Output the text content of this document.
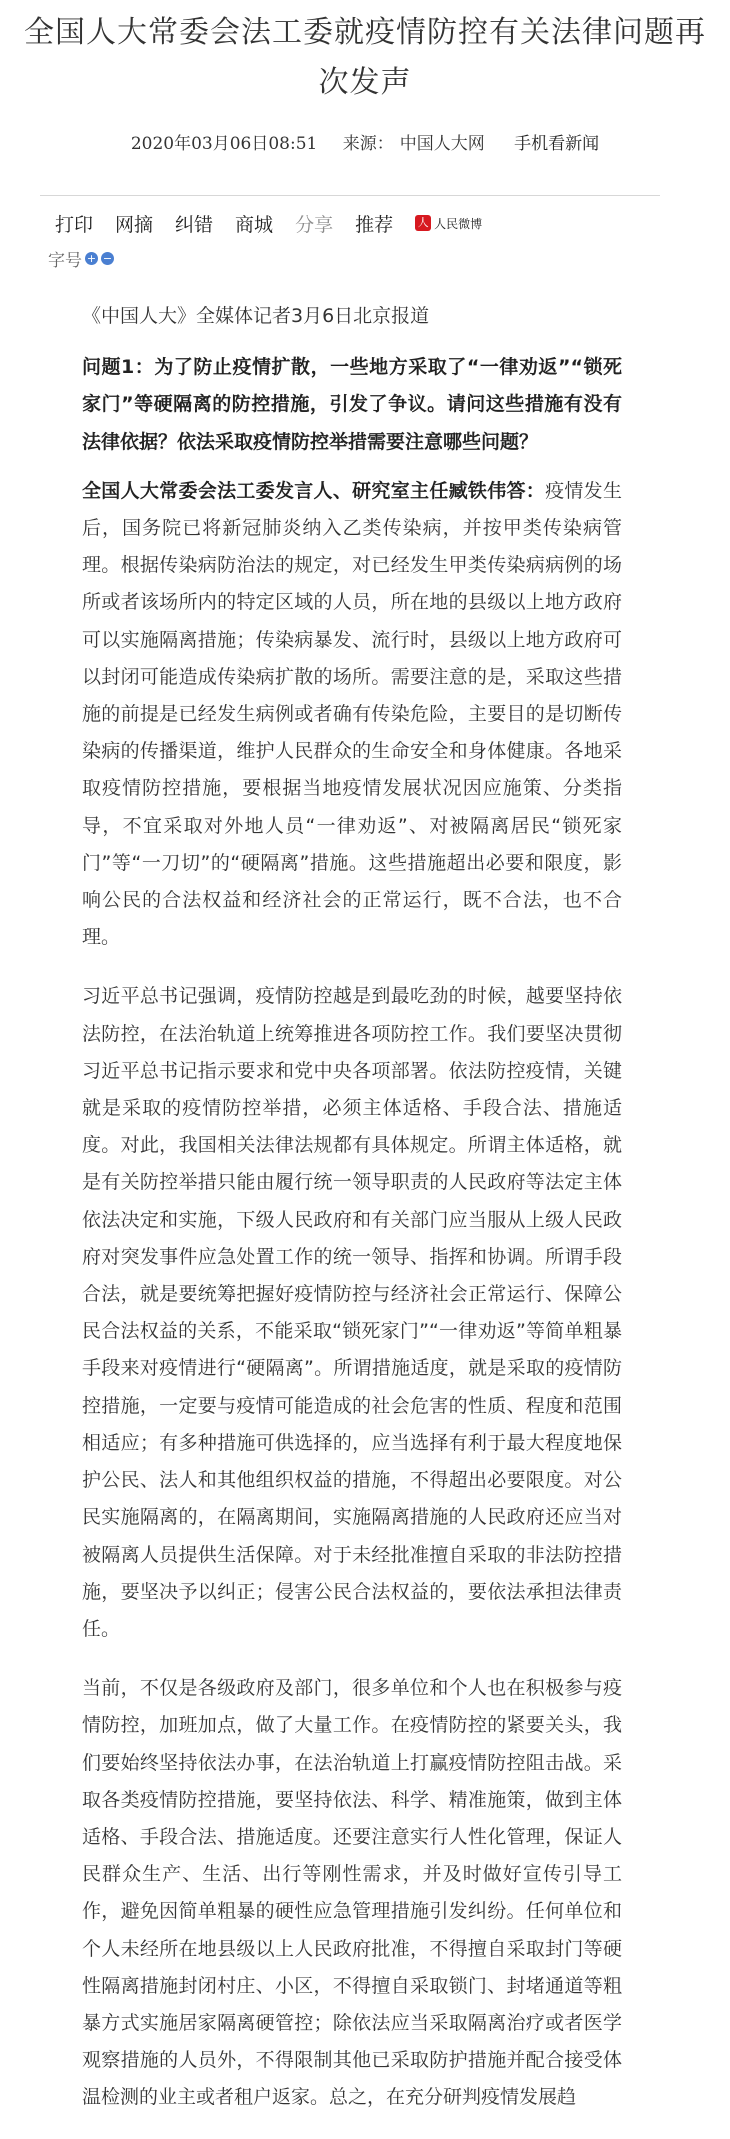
全国人大常委会法工委就疫情防控有关法律问题再次发声
2020年03月06日08:51 来源： 中国人大网 手机看新闻
打印 网摘 纠错 商城 分享 推荐 人 人民微博
字号 + −

《中国人大》全媒体记者3月6日北京报道

问题1：为了防止疫情扩散，一些地方采取了“一律劝返”“锁死家门”等硬隔离的防控措施，引发了争议。请问这些措施有没有法律依据？依法采取疫情防控举措需要注意哪些问题？

全国人大常委会法工委发言人、研究室主任臧铁伟答：疫情发生后，国务院已将新冠肺炎纳入乙类传染病，并按甲类传染病管理。根据传染病防治法的规定，对已经发生甲类传染病病例的场所或者该场所内的特定区域的人员，所在地的县级以上地方政府可以实施隔离措施；传染病暴发、流行时，县级以上地方政府可以封闭可能造成传染病扩散的场所。需要注意的是，采取这些措施的前提是已经发生病例或者确有传染危险，主要目的是切断传染病的传播渠道，维护人民群众的生命安全和身体健康。各地采取疫情防控措施，要根据当地疫情发展状况因应施策、分类指导，不宜采取对外地人员“一律劝返”、对被隔离居民“锁死家门”等“一刀切”的“硬隔离”措施。这些措施超出必要和限度，影响公民的合法权益和经济社会的正常运行，既不合法，也不合理。

习近平总书记强调，疫情防控越是到最吃劲的时候，越要坚持依法防控，在法治轨道上统筹推进各项防控工作。我们要坚决贯彻习近平总书记指示要求和党中央各项部署。依法防控疫情，关键就是采取的疫情防控举措，必须主体适格、手段合法、措施适度。对此，我国相关法律法规都有具体规定。所谓主体适格，就是有关防控举措只能由履行统一领导职责的人民政府等法定主体依法决定和实施，下级人民政府和有关部门应当服从上级人民政府对突发事件应急处置工作的统一领导、指挥和协调。所谓手段合法，就是要统筹把握好疫情防控与经济社会正常运行、保障公民合法权益的关系，不能采取“锁死家门”“一律劝返”等简单粗暴手段来对疫情进行“硬隔离”。所谓措施适度，就是采取的疫情防控措施，一定要与疫情可能造成的社会危害的性质、程度和范围相适应；有多种措施可供选择的，应当选择有利于最大程度地保护公民、法人和其他组织权益的措施，不得超出必要限度。对公民实施隔离的，在隔离期间，实施隔离措施的人民政府还应当对被隔离人员提供生活保障。对于未经批准擅自采取的非法防控措施，要坚决予以纠正；侵害公民合法权益的，要依法承担法律责任。

当前，不仅是各级政府及部门，很多单位和个人也在积极参与疫情防控，加班加点，做了大量工作。在疫情防控的紧要关头，我们要始终坚持依法办事，在法治轨道上打赢疫情防控阻击战。采取各类疫情防控措施，要坚持依法、科学、精准施策，做到主体适格、手段合法、措施适度。还要注意实行人性化管理，保证人民群众生产、生活、出行等刚性需求，并及时做好宣传引导工作，避免因简单粗暴的硬性应急管理措施引发纠纷。任何单位和个人未经所在地县级以上人民政府批准，不得擅自采取封门等硬性隔离措施封闭村庄、小区，不得擅自采取锁门、封堵通道等粗暴方式实施居家隔离硬管控；除依法应当采取隔离治疗或者医学观察措施的人员外，不得限制其他已采取防护措施并配合接受体温检测的业主或者租户返家。总之，在充分研判疫情发展趋
